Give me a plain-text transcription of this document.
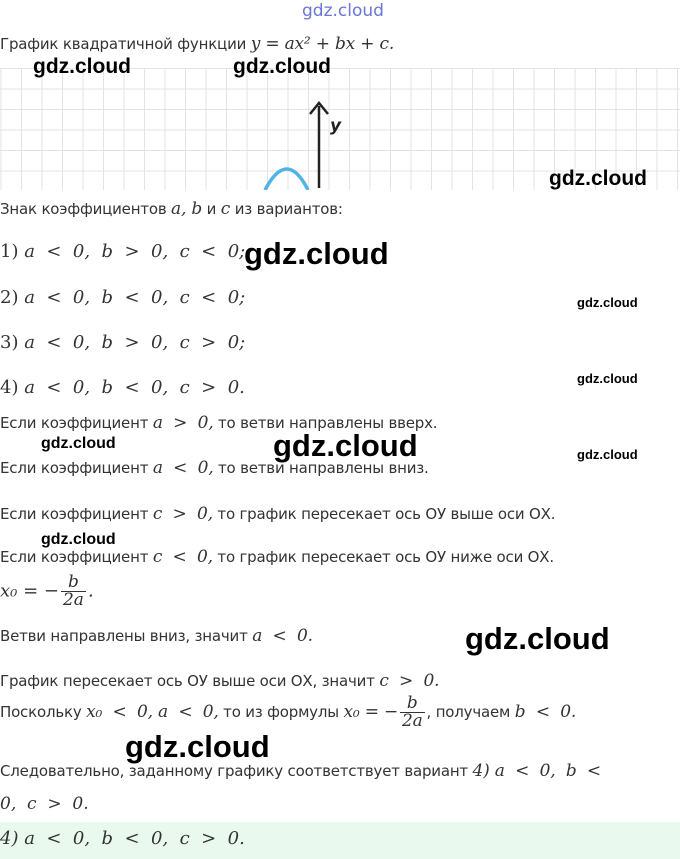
gdz.cloud
График квадратичной функции y = ax² + bx + c.
y
Знак коэффициентов a, b и c из вариантов:
1) a  <  0,  b  >  0,  c  <  0;
2) a  <  0,  b  <  0,  c  <  0;
3) a  <  0,  b  >  0,  c  >  0;
4) a  <  0,  b  <  0,  c  >  0.
Если коэффициент a  >  0, то ветви направлены вверх.
Если коэффициент a  <  0, то ветви направлены вниз.
Если коэффициент c  >  0, то график пересекает ось ОУ выше оси ОХ.
Если коэффициент c  <  0, то график пересекает ось ОУ ниже оси ОХ.
x₀ = − $\frac{b}{2a}$ .
Ветви направлены вниз, значит a  <  0.
График пересекает ось ОУ выше оси ОХ, значит c  >  0.
Поскольку x₀  <  0, a  <  0, то из формулы x₀ = − $\frac{b}{2a}$ , получаем b  <  0.
Следовательно, заданному графику соответствует вариант 4) a  <  0,  b  <
0,  c  >  0.
4) a  <  0,  b  <  0,  c  >  0.
gdz.cloud	gdz.cloud
gdz.cloud
gdz.cloud
gdz.cloud
gdz.cloud
gdz.cloud	gdz.cloud	gdz.cloud
gdz.cloud
gdz.cloud
gdz.cloud
